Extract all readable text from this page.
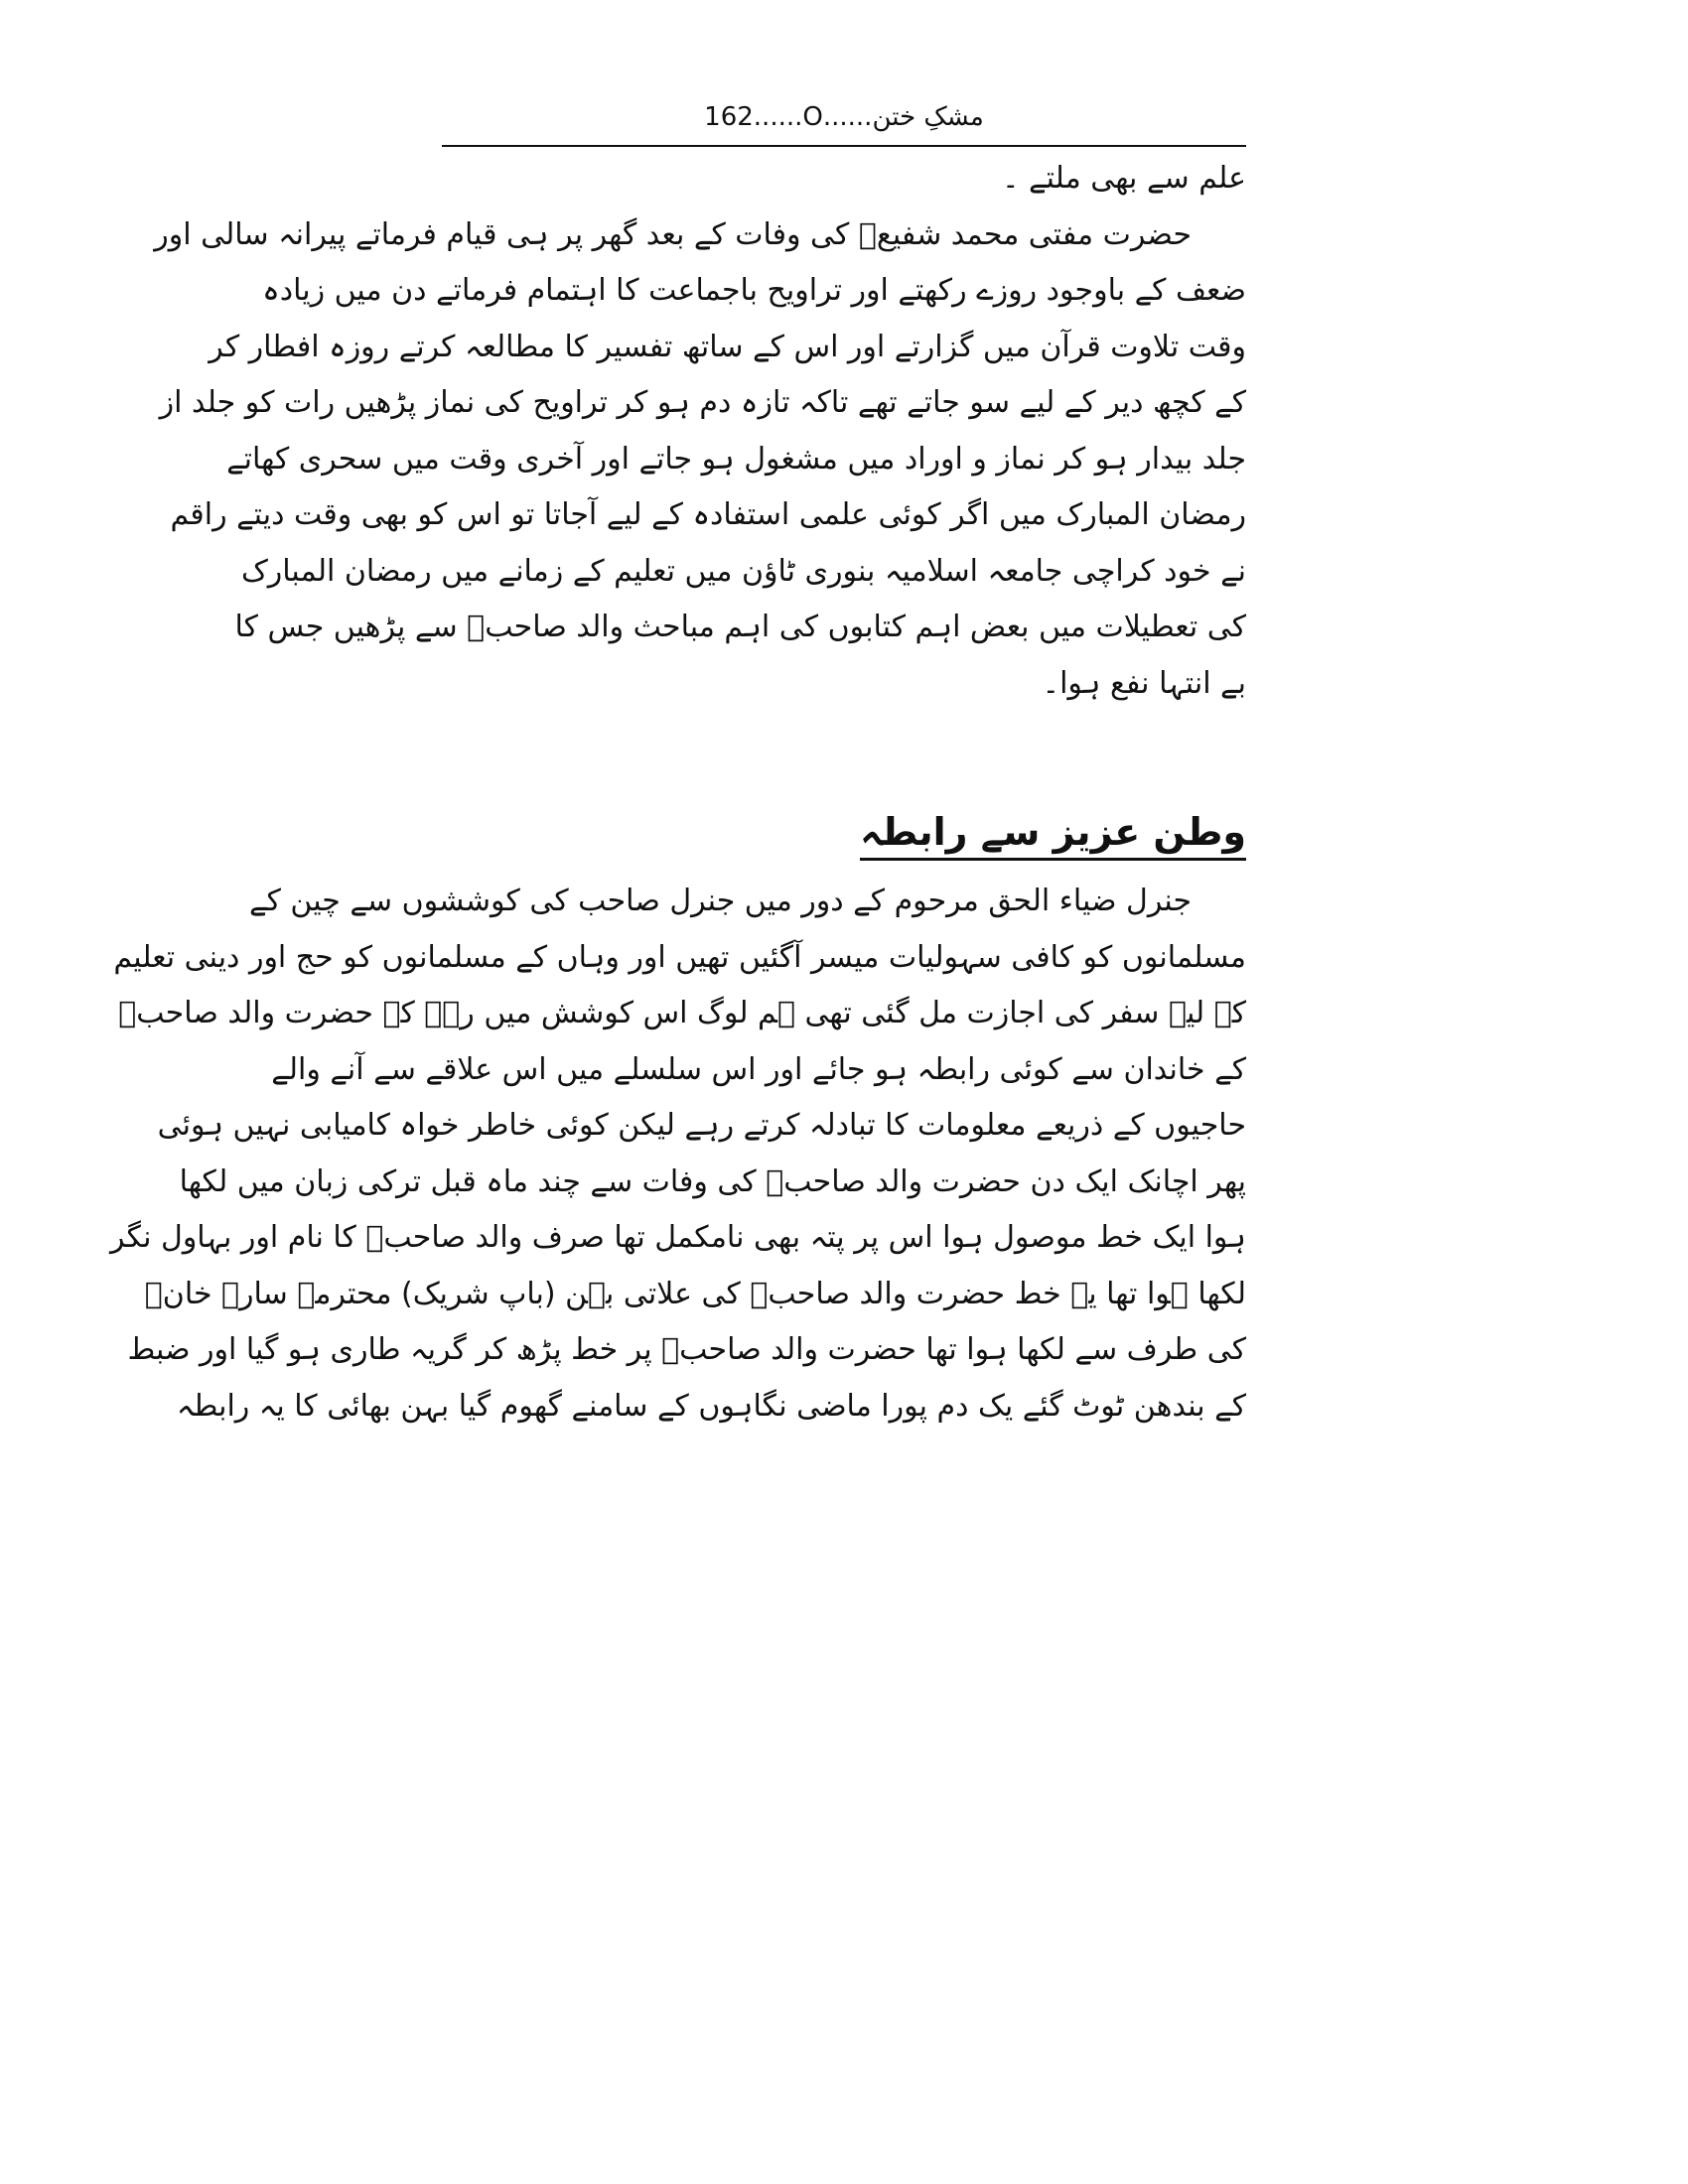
مشکِ ختن......O......162
علم سے بھی ملتے ۔
حضرت مفتی محمد شفیعؒ کی وفات کے بعد گھر پر ہی قیام فرماتے پیرانہ سالی اور
ضعف کے باوجود روزے رکھتے اور تراویح باجماعت کا اہتمام فرماتے دن میں زیادہ
وقت تلاوت قرآن میں گزارتے اور اس کے ساتھ تفسیر کا مطالعہ کرتے روزہ افطار کر
کے کچھ دیر کے لیے سو جاتے تھے تاکہ تازہ دم ہو کر تراویح کی نماز پڑھیں رات کو جلد از
جلد بیدار ہو کر نماز و اوراد میں مشغول ہو جاتے اور آخری وقت میں سحری کھاتے
رمضان المبارک میں اگر کوئی علمی استفادہ کے لیے آجاتا تو اس کو بھی وقت دیتے راقم
نے خود کراچی جامعہ اسلامیہ بنوری ٹاؤن میں تعلیم کے زمانے میں رمضان المبارک
کی تعطیلات میں بعض اہم کتابوں کی اہم مباحث والد صاحبؒ سے پڑھیں جس کا
بے انتہا نفع ہوا۔
وطن عزیز سے رابطہ
جنرل ضیاء الحق مرحوم کے دور میں جنرل صاحب کی کوششوں سے چین کے
مسلمانوں کو کافی سہولیات میسر آگئیں تھیں اور وہاں کے مسلمانوں کو حج اور دینی تعلیم
کے لیے سفر کی اجازت مل گئی تھی ہم لوگ اس کوشش میں رہے کہ حضرت والد صاحبؒ
کے خاندان سے کوئی رابطہ ہو جائے اور اس سلسلے میں اس علاقے سے آنے والے
حاجیوں کے ذریعے معلومات کا تبادلہ کرتے رہے لیکن کوئی خاطر خواہ کامیابی نہیں ہوئی
پھر اچانک ایک دن حضرت والد صاحبؒ کی وفات سے چند ماہ قبل ترکی زبان میں لکھا
ہوا ایک خط موصول ہوا اس پر پتہ بھی نامکمل تھا صرف والد صاحبؒ کا نام اور بہاول نگر
لکھا ہوا تھا یہ خط حضرت والد صاحبؒ کی علاتی بہن (باپ شریک) محترمہ سارہ خانؒ
کی طرف سے لکھا ہوا تھا حضرت والد صاحبؒ پر خط پڑھ کر گریہ طاری ہو گیا اور ضبط
کے بندھن ٹوٹ گئے یک دم پورا ماضی نگاہوں کے سامنے گھوم گیا بہن بھائی کا یہ رابطہ
